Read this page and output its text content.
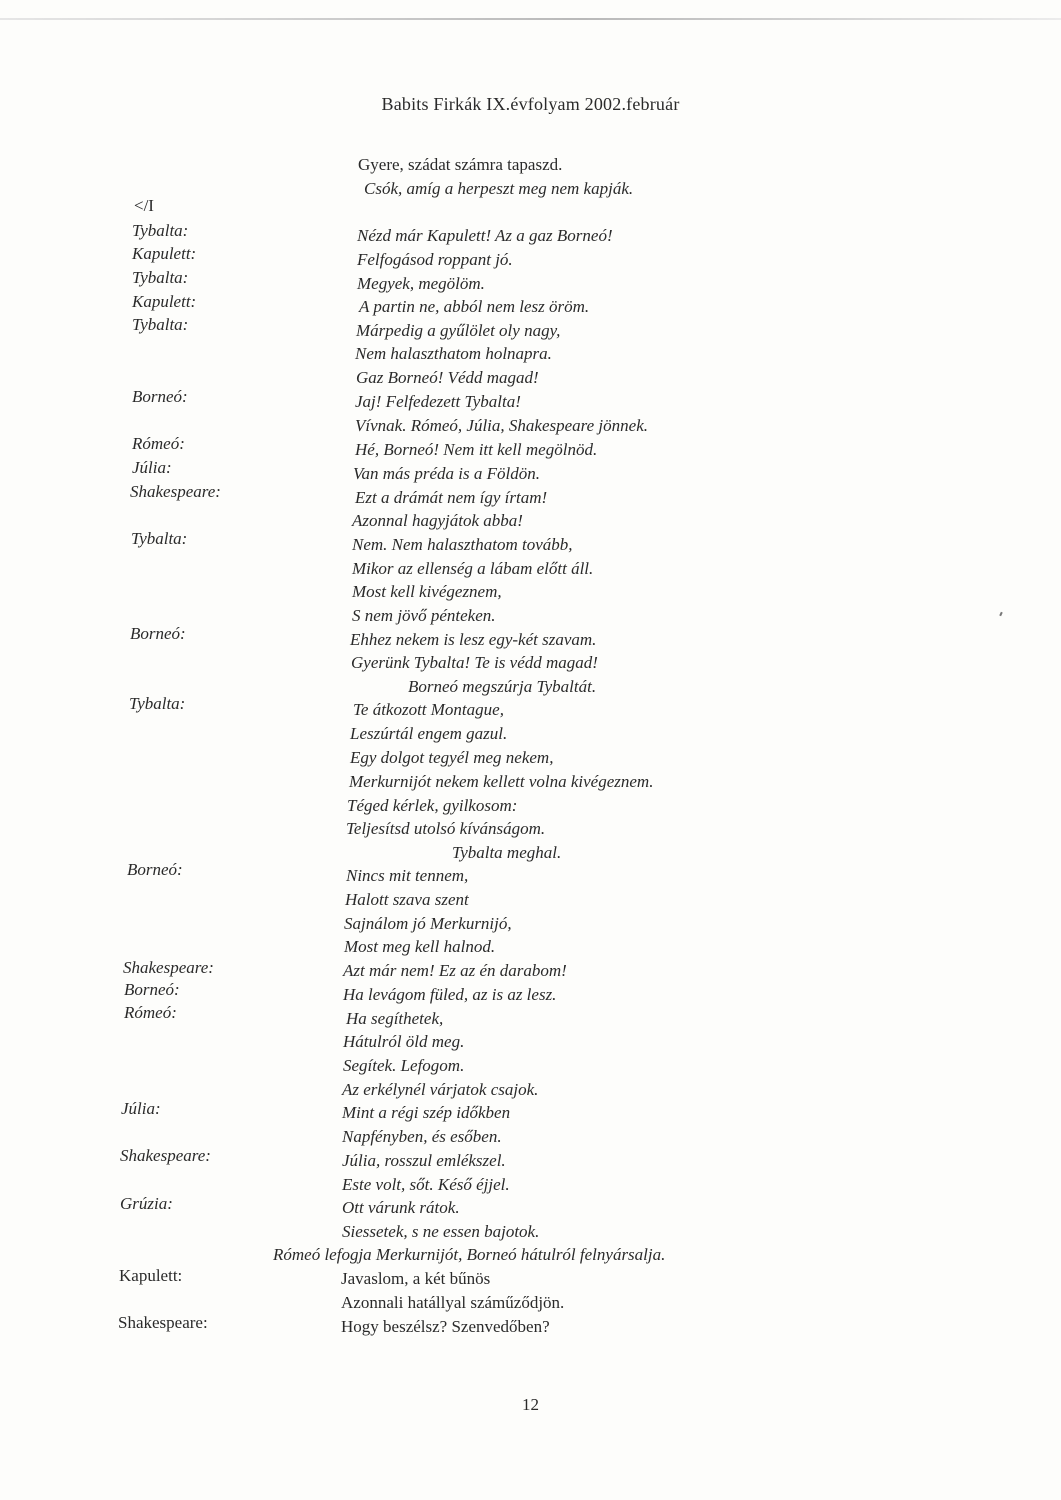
Babits Firkák IX.évfolyam 2002.február
</I
Tybalta:
Kapulett:
Tybalta:
Kapulett:
Tybalta:
Borneó:
Rómeó:
Júlia:
Shakespeare:
Tybalta:
Borneó:
Tybalta:
Borneó:
Shakespeare:
Borneó:
Rómeó:
Júlia:
Shakespeare:
Grúzia:
Kapulett:
Shakespeare:
Gyere, szádat számra tapaszd.
Csók, amíg a herpeszt meg nem kapják.
Nézd már Kapulett! Az a gaz Borneó!
Felfogásod roppant jó.
Megyek, megölöm.
A partin ne, abból nem lesz öröm.
Márpedig a gyűlölet oly nagy,
Nem halaszthatom holnapra.
Gaz Borneó! Védd magad!
Jaj! Felfedezett Tybalta!
Vívnak. Rómeó, Júlia, Shakespeare jönnek.
Hé, Borneó! Nem itt kell megölnöd.
Van más préda is a Földön.
Ezt a drámát nem így írtam!
Azonnal hagyjátok abba!
Nem. Nem halaszthatom tovább,
Mikor az ellenség a lábam előtt áll.
Most kell kivégeznem,
S nem jövő pénteken.
Ehhez nekem is lesz egy-két szavam.
Gyerünk Tybalta! Te is védd magad!
Borneó megszúrja Tybaltát.
Te átkozott Montague,
Leszúrtál engem gazul.
Egy dolgot tegyél meg nekem,
Merkurnijót nekem kellett volna kivégeznem.
Téged kérlek, gyilkosom:
Teljesítsd utolsó kívánságom.
Tybalta meghal.
Nincs mit tennem,
Halott szava szent
Sajnálom jó Merkurnijó,
Most meg kell halnod.
Azt már nem! Ez az én darabom!
Ha levágom füled, az is az lesz.
Ha segíthetek,
Hátulról öld meg.
Segítek. Lefogom.
Az erkélynél várjatok csajok.
Mint a régi szép időkben
Napfényben, és esőben.
Júlia, rosszul emlékszel.
Este volt, sőt. Késő éjjel.
Ott várunk rátok.
Siessetek, s ne essen bajotok.
Rómeó lefogja Merkurnijót, Borneó hátulról felnyársalja.
Javaslom, a két bűnös
Azonnali hatállyal száműződjön.
Hogy beszélsz? Szenvedőben?
12
